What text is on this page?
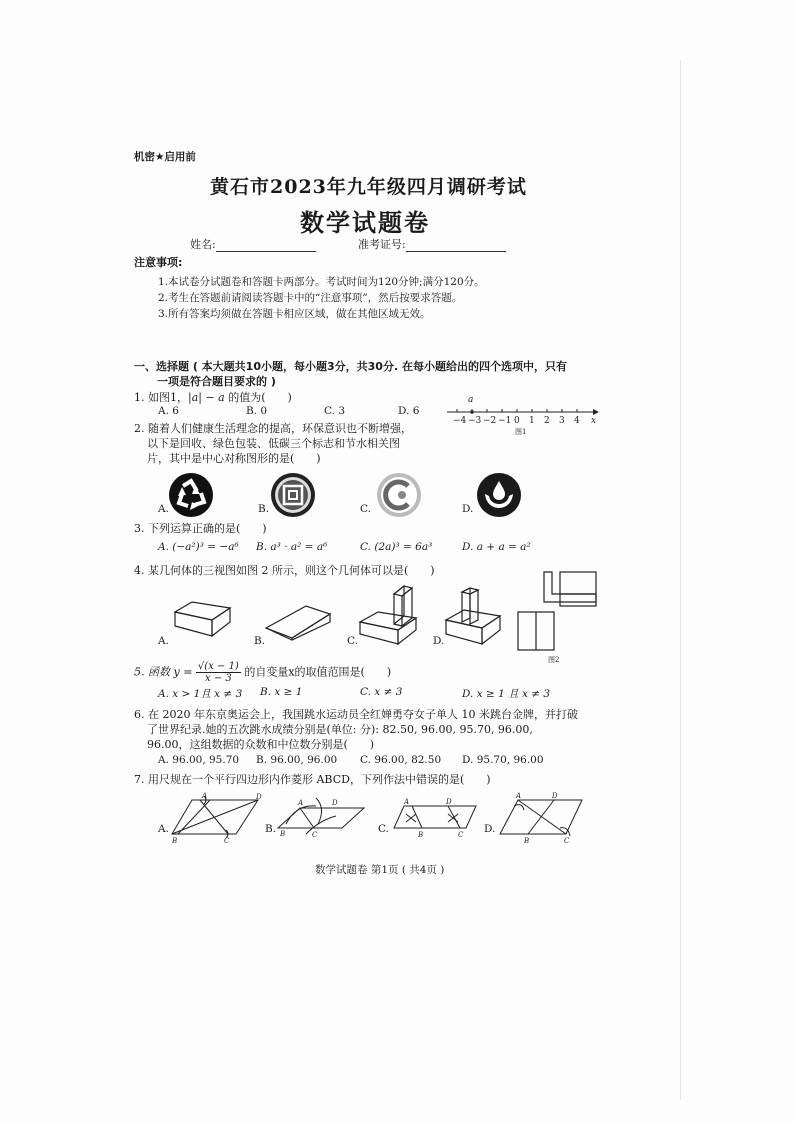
机密★启用前
黄石市2023年九年级四月调研考试
数学试题卷
姓名:	准考证号:
注意事项:
1.本试卷分试题卷和答题卡两部分。考试时间为120分钟;满分120分。
2.考生在答题前请阅读答题卡中的“注意事项”，然后按要求答题。
3.所有答案均须做在答题卡相应区域，做在其他区域无效。
一、选择题 ( 本大题共10小题，每小题3分，共30分. 在每小题给出的四个选项中，只有
一项是符合题目要求的 )
1. 如图1，|a| − a 的值为( )
A. 6	B. 0	C. 3	D. 6
−4 −3 −2 −1 0 1 2 3 4
a
x
图1
2. 随着人们健康生活理念的提高，环保意识也不断增强，
以下是回收、绿色包装、低碳三个标志和节水相关图
片，其中是中心对称图形的是( )
A.	B.	C.	D.
3. 下列运算正确的是( )
A. (−a²)³ = −a⁶ B. a³ · a² = a⁶	C. (2a)³ = 6a³	D. a + a = a²
4. 某几何体的三视图如图 2 所示，则这个几何体可以是( )
A.	B.	C.	D.
图2
5. 函数 $y = \frac{√(x - 1)}{x - 3}$ 的自变量x的取值范围是( )
A. x > 1且 x ≠ 3 B. x ≥ 1	C. x ≠ 3	D. x ≥ 1 且 x ≠ 3
6. 在 2020 年东京奥运会上，我国跳水运动员全红婵勇夺女子单人 10 米跳台金牌，并打破
了世界纪录.她的五次跳水成绩分别是(单位: 分): 82.50, 96.00, 95.70, 96.00,
96.00，这组数据的众数和中位数分别是( )
A. 96.00, 95.70 B. 96.00, 96.00 C. 96.00, 82.50 D. 95.70, 96.00
7. 用尺规在一个平行四边形内作菱形 ABCD，下列作法中错误的是( )
A.
A
B	C
D
B.
A
B	C
D
C.
A
B	C
D
D.
A
B	C
D
数学试题卷 第1页 ( 共4页 )
